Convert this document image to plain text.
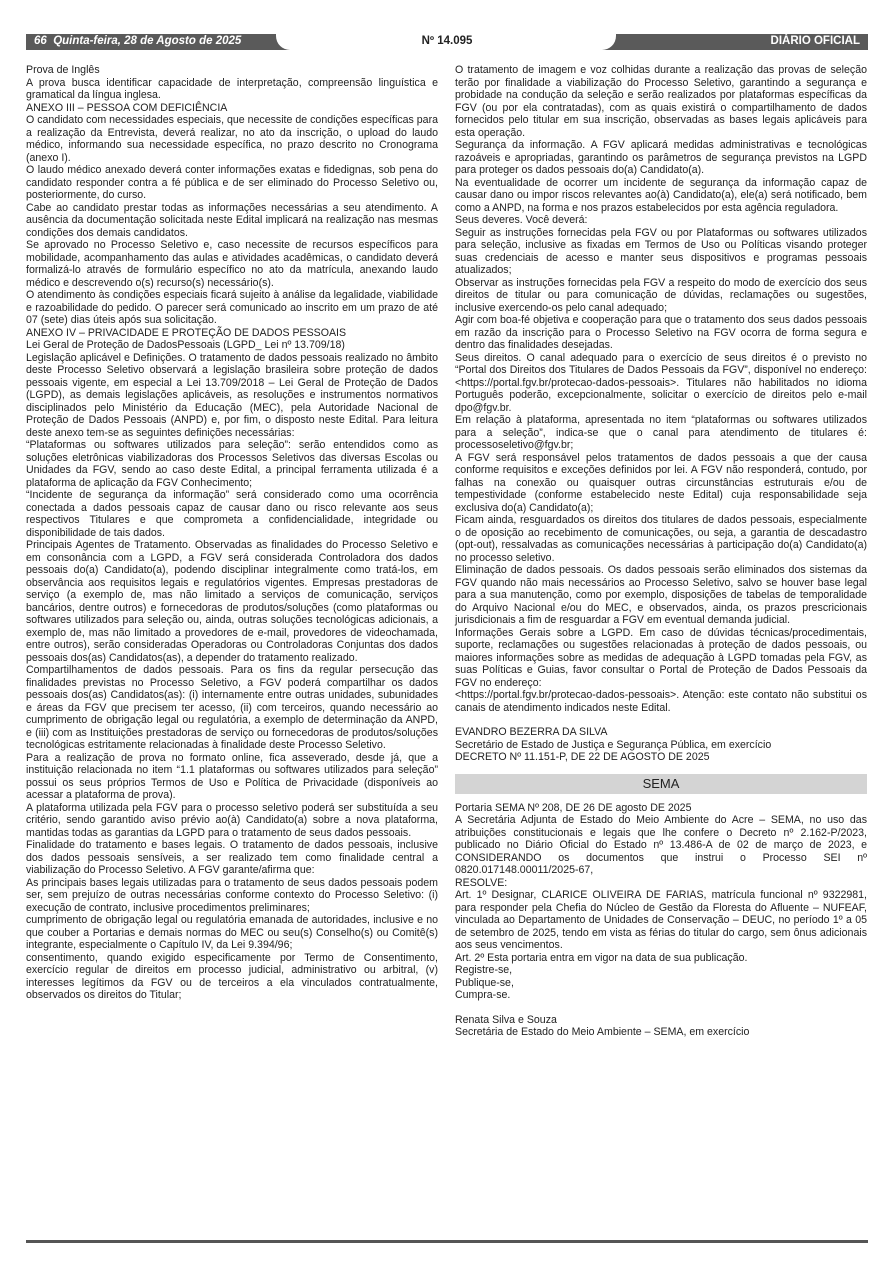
66 Quinta-feira, 28 de Agosto de 2025	Nº 14.095	DIÁRIO OFICIAL

Prova de Inglês

A prova busca identificar capacidade de interpretação, compreensão linguística e gramatical da língua inglesa.

ANEXO III – PESSOA COM DEFICIÊNCIA

O candidato com necessidades especiais, que necessite de condições específicas para a realização da Entrevista, deverá realizar, no ato da inscrição, o upload do laudo médico, informando sua necessidade específica, no prazo descrito no Cronograma (anexo I).

O laudo médico anexado deverá conter informações exatas e fidedignas, sob pena do candidato responder contra a fé pública e de ser eliminado do Processo Seletivo ou, posteriormente, do curso.

Cabe ao candidato prestar todas as informações necessárias a seu atendimento. A ausência da documentação solicitada neste Edital implicará na realização nas mesmas condições dos demais candidatos.

Se aprovado no Processo Seletivo e, caso necessite de recursos específicos para mobilidade, acompanhamento das aulas e atividades acadêmicas, o candidato deverá formalizá-lo através de formulário específico no ato da matrícula, anexando laudo médico e descrevendo o(s) recurso(s) necessário(s).

O atendimento às condições especiais ficará sujeito à análise da legalidade, viabilidade e razoabilidade do pedido. O parecer será comunicado ao inscrito em um prazo de até 07 (sete) dias úteis após sua solicitação.

ANEXO IV – PRIVACIDADE E PROTEÇÃO DE DADOS PESSOAIS

Lei Geral de Proteção de DadosPessoais (LGPD_ Lei nº 13.709/18)

Legislação aplicável e Definições. O tratamento de dados pessoais realizado no âmbito deste Processo Seletivo observará a legislação brasileira sobre proteção de dados pessoais vigente, em especial a Lei 13.709/2018 – Lei Geral de Proteção de Dados (LGPD), as demais legislações aplicáveis, as resoluções e instrumentos normativos disciplinados pelo Ministério da Educação (MEC), pela Autoridade Nacional de Proteção de Dados Pessoais (ANPD) e, por fim, o disposto neste Edital. Para leitura deste anexo tem-se as seguintes definições necessárias:

“Plataformas ou softwares utilizados para seleção”: serão entendidos como as soluções eletrônicas viabilizadoras dos Processos Seletivos das diversas Escolas ou Unidades da FGV, sendo ao caso deste Edital, a principal ferramenta utilizada é a plataforma de aplicação da FGV Conhecimento;

“Incidente de segurança da informação” será considerado como uma ocorrência conectada a dados pessoais capaz de causar dano ou risco relevante aos seus respectivos Titulares e que comprometa a confidencialidade, integridade ou disponibilidade de tais dados.

Principais Agentes de Tratamento. Observadas as finalidades do Processo Seletivo e em consonância com a LGPD, a FGV será considerada Controladora dos dados pessoais do(a) Candidato(a), podendo disciplinar integralmente como tratá-los, em observância aos requisitos legais e regulatórios vigentes. Empresas prestadoras de serviço (a exemplo de, mas não limitado a serviços de comunicação, serviços bancários, dentre outros) e fornecedoras de produtos/soluções (como plataformas ou softwares utilizados para seleção ou, ainda, outras soluções tecnológicas adicionais, a exemplo de, mas não limitado a provedores de e-mail, provedores de videochamada, entre outros), serão consideradas Operadoras ou Controladoras Conjuntas dos dados pessoais dos(as) Candidatos(as), a depender do tratamento realizado.

Compartilhamentos de dados pessoais. Para os fins da regular persecução das finalidades previstas no Processo Seletivo, a FGV poderá compartilhar os dados pessoais dos(as) Candidatos(as): (i) internamente entre outras unidades, subunidades e áreas da FGV que precisem ter acesso, (ii) com terceiros, quando necessário ao cumprimento de obrigação legal ou regulatória, a exemplo de determinação da ANPD, e (iii) com as Instituições prestadoras de serviço ou fornecedoras de produtos/soluções tecnológicas estritamente relacionadas à finalidade deste Processo Seletivo.

Para a realização de prova no formato online, fica asseverado, desde já, que a instituição relacionada no item “1.1 plataformas ou softwares utilizados para seleção” possui os seus próprios Termos de Uso e Política de Privacidade (disponíveis ao acessar a plataforma de prova).

A plataforma utilizada pela FGV para o processo seletivo poderá ser substituída a seu critério, sendo garantido aviso prévio ao(à) Candidato(a) sobre a nova plataforma, mantidas todas as garantias da LGPD para o tratamento de seus dados pessoais.

Finalidade do tratamento e bases legais. O tratamento de dados pessoais, inclusive dos dados pessoais sensíveis, a ser realizado tem como finalidade central a viabilização do Processo Seletivo. A FGV garante/afirma que:

As principais bases legais utilizadas para o tratamento de seus dados pessoais podem ser, sem prejuízo de outras necessárias conforme contexto do Processo Seletivo: (i) execução de contrato, inclusive procedimentos preliminares;

cumprimento de obrigação legal ou regulatória emanada de autoridades, inclusive e no que couber a Portarias e demais normas do MEC ou seu(s) Conselho(s) ou Comitê(s) integrante, especialmente o Capítulo IV, da Lei 9.394/96;

consentimento, quando exigido especificamente por Termo de Consentimento, exercício regular de direitos em processo judicial, administrativo ou arbitral, (v) interesses legítimos da FGV ou de terceiros a ela vinculados contratualmente, observados os direitos do Titular;

O tratamento de imagem e voz colhidas durante a realização das provas de seleção terão por finalidade a viabilização do Processo Seletivo, garantindo a segurança e probidade na condução da seleção e serão realizados por plataformas específicas da FGV (ou por ela contratadas), com as quais existirá o compartilhamento de dados fornecidos pelo titular em sua inscrição, observadas as bases legais aplicáveis para esta operação.

Segurança da informação. A FGV aplicará medidas administrativas e tecnológicas razoáveis e apropriadas, garantindo os parâmetros de segurança previstos na LGPD para proteger os dados pessoais do(a) Candidato(a).

Na eventualidade de ocorrer um incidente de segurança da informação capaz de causar dano ou impor riscos relevantes ao(à) Candidato(a), ele(a) será notificado, bem como a ANPD, na forma e nos prazos estabelecidos por esta agência reguladora.

Seus deveres. Você deverá:

Seguir as instruções fornecidas pela FGV ou por Plataformas ou softwares utilizados para seleção, inclusive as fixadas em Termos de Uso ou Políticas visando proteger suas credenciais de acesso e manter seus dispositivos e programas pessoais atualizados;

Observar as instruções fornecidas pela FGV a respeito do modo de exercício dos seus direitos de titular ou para comunicação de dúvidas, reclamações ou sugestões, inclusive exercendo-os pelo canal adequado;

Agir com boa-fé objetiva e cooperação para que o tratamento dos seus dados pessoais em razão da inscrição para o Processo Seletivo na FGV ocorra de forma segura e dentro das finalidades desejadas.

Seus direitos. O canal adequado para o exercício de seus direitos é o previsto no “Portal dos Direitos dos Titulares de Dados Pessoais da FGV”, disponível no endereço: <https://portal.fgv.br/protecao-dados-pessoais>. Titulares não habilitados no idioma Português poderão, excepcionalmente, solicitar o exercício de direitos pelo e-mail dpo@fgv.br.

Em relação à plataforma, apresentada no item “plataformas ou softwares utilizados para a seleção”, indica-se que o canal para atendimento de titulares é: processoseletivo@fgv.br;

A FGV será responsável pelos tratamentos de dados pessoais a que der causa conforme requisitos e exceções definidos por lei. A FGV não responderá, contudo, por falhas na conexão ou quaisquer outras circunstâncias estruturais e/ou de tempestividade (conforme estabelecido neste Edital) cuja responsabilidade seja exclusiva do(a) Candidato(a);

Ficam ainda, resguardados os direitos dos titulares de dados pessoais, especialmente o de oposição ao recebimento de comunicações, ou seja, a garantia de descadastro (opt-out), ressalvadas as comunicações necessárias à participação do(a) Candidato(a) no processo seletivo.

Eliminação de dados pessoais. Os dados pessoais serão eliminados dos sistemas da FGV quando não mais necessários ao Processo Seletivo, salvo se houver base legal para a sua manutenção, como por exemplo, disposições de tabelas de temporalidade do Arquivo Nacional e/ou do MEC, e observados, ainda, os prazos prescricionais jurisdicionais a fim de resguardar a FGV em eventual demanda judicial.

Informações Gerais sobre a LGPD. Em caso de dúvidas técnicas/procedimentais, suporte, reclamações ou sugestões relacionadas à proteção de dados pessoais, ou maiores informações sobre as medidas de adequação à LGPD tomadas pela FGV, as suas Políticas e Guias, favor consultar o Portal de Proteção de Dados Pessoais da FGV no endereço:

<https://portal.fgv.br/protecao-dados-pessoais>. Atenção: este contato não substitui os canais de atendimento indicados neste Edital.

EVANDRO BEZERRA DA SILVA

Secretário de Estado de Justiça e Segurança Pública, em exercício

DECRETO Nº 11.151-P, DE 22 DE AGOSTO DE 2025

SEMA

Portaria SEMA Nº 208, DE 26 DE agosto DE 2025

A Secretária Adjunta de Estado do Meio Ambiente do Acre – SEMA, no uso das atribuições constitucionais e legais que lhe confere o Decreto nº 2.162-P/2023, publicado no Diário Oficial do Estado nº 13.486-A de 02 de março de 2023, e CONSIDERANDO os documentos que instrui o Processo SEI nº 0820.017148.00011/2025-67,

RESOLVE:

Art. 1º Designar, CLARICE OLIVEIRA DE FARIAS, matrícula funcional nº 9322981, para responder pela Chefia do Núcleo de Gestão da Floresta do Afluente – NUFEAF, vinculada ao Departamento de Unidades de Conservação – DEUC, no período 1º a 05 de setembro de 2025, tendo em vista as férias do titular do cargo, sem ônus adicionais aos seus vencimentos.

Art. 2º Esta portaria entra em vigor na data de sua publicação.

Registre-se,

Publique-se,

Cumpra-se.

Renata Silva e Souza

Secretária de Estado do Meio Ambiente – SEMA, em exercício
